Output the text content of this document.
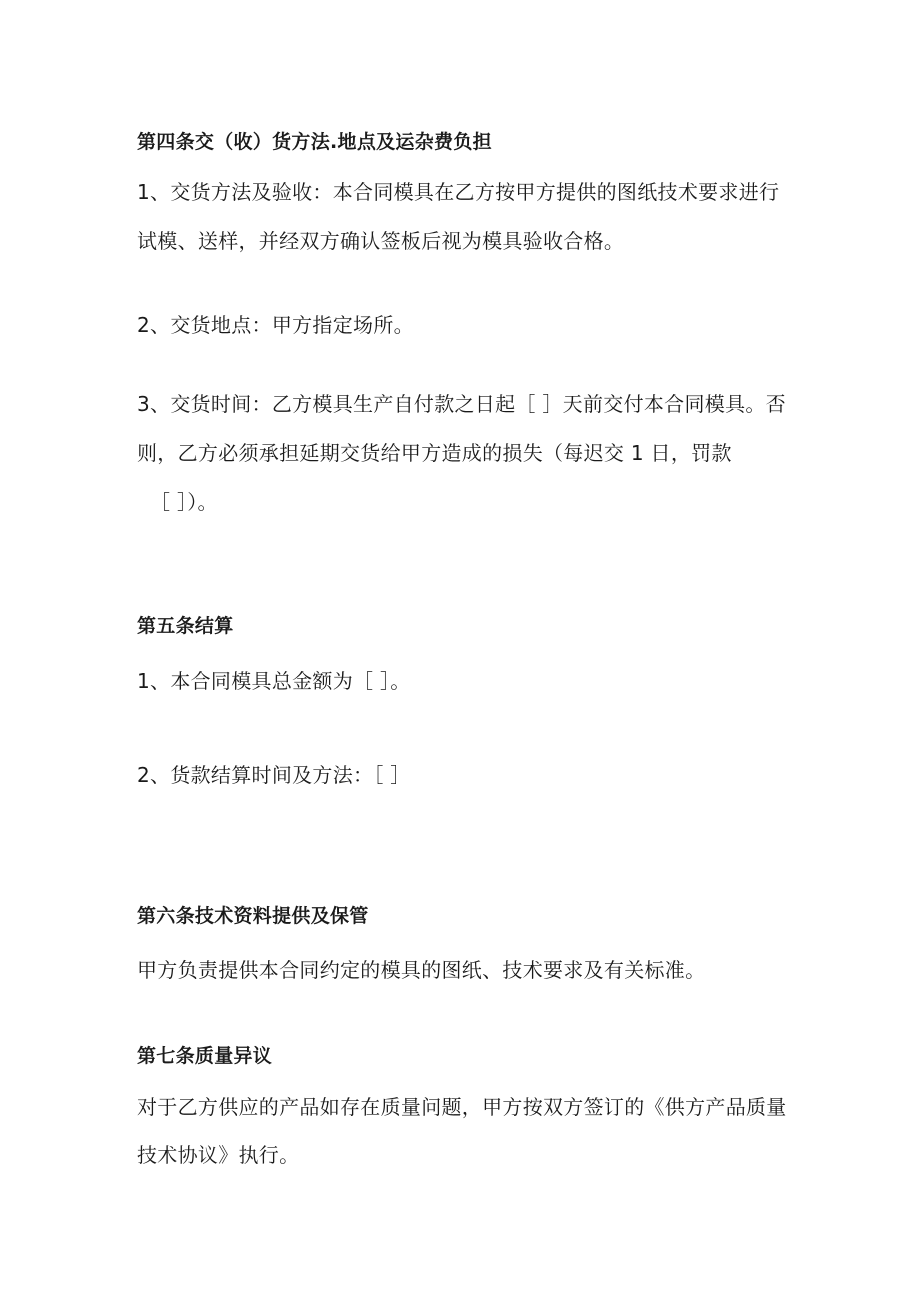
第四条交（收）货方法.地点及运杂费负担
1、交货方法及验收：本合同模具在乙方按甲方提供的图纸技术要求进行
试模、送样，并经双方确认签板后视为模具验收合格。
2、交货地点：甲方指定场所。
3、交货时间：乙方模具生产自付款之日起［ ］天前交付本合同模具。否
则，乙方必须承担延期交货给甲方造成的损失（每迟交 1 日，罚款
［ ］）。
第五条结算
1、本合同模具总金额为［ ］。
2、货款结算时间及方法：［ ］
第六条技术资料提供及保管
甲方负责提供本合同约定的模具的图纸、技术要求及有关标准。
第七条质量异议
对于乙方供应的产品如存在质量问题，甲方按双方签订的《供方产品质量
技术协议》执行。
